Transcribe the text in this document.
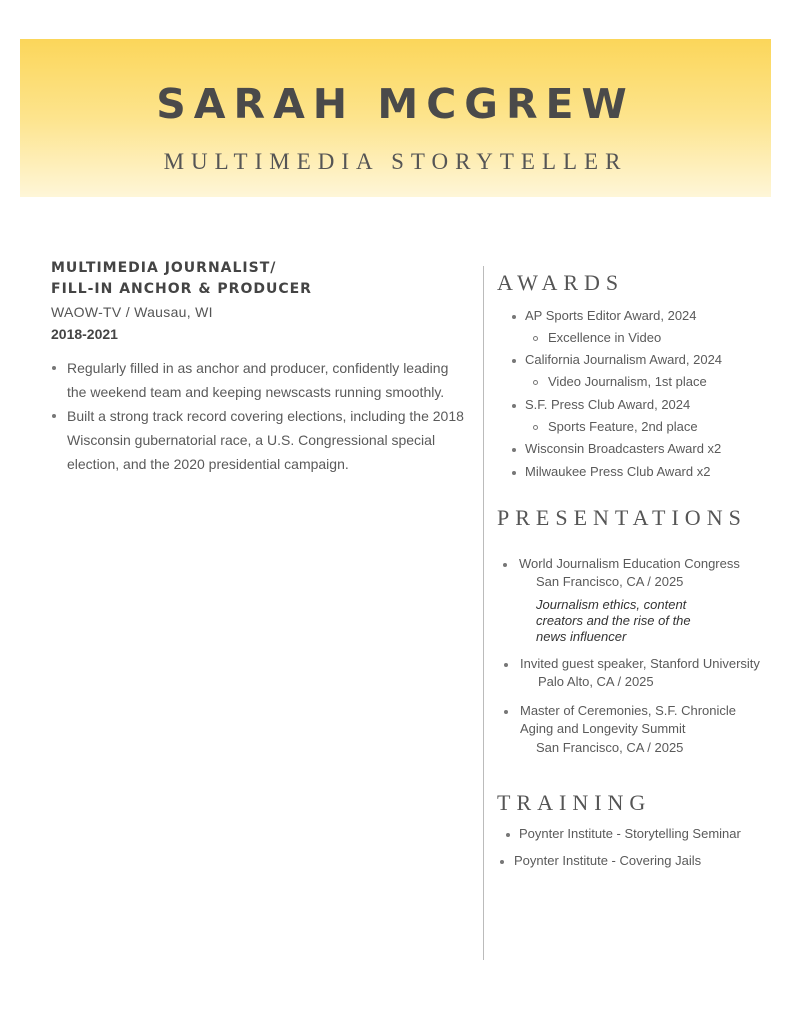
SARAH MCGREW
MULTIMEDIA STORYTELLER

MULTIMEDIA JOURNALIST/

FILL-IN ANCHOR & PRODUCER

WAOW-TV / Wausau, WI
2018-2021
Regularly filled in as anchor and producer, confidently leading the weekend team and keeping newscasts running smoothly.
Built a strong track record covering elections, including the 2018 Wisconsin gubernatorial race, a U.S. Congressional special election, and the 2020 presidential campaign.
AWARDS
AP Sports Editor Award, 2024
Excellence in Video
California Journalism Award, 2024
Video Journalism, 1st place
S.F. Press Club Award, 2024
Sports Feature, 2nd place
Wisconsin Broadcasters Award x2
Milwaukee Press Club Award x2
PRESENTATIONS
World Journalism Education Congress
San Francisco, CA / 2025
Journalism ethics, content
creators and the rise of the
news influencer
Invited guest speaker, Stanford University
Palo Alto, CA / 2025
Master of Ceremonies, S.F. Chronicle
Aging and Longevity Summit
San Francisco, CA / 2025
TRAINING
Poynter Institute - Storytelling Seminar
Poynter Institute - Covering Jails
